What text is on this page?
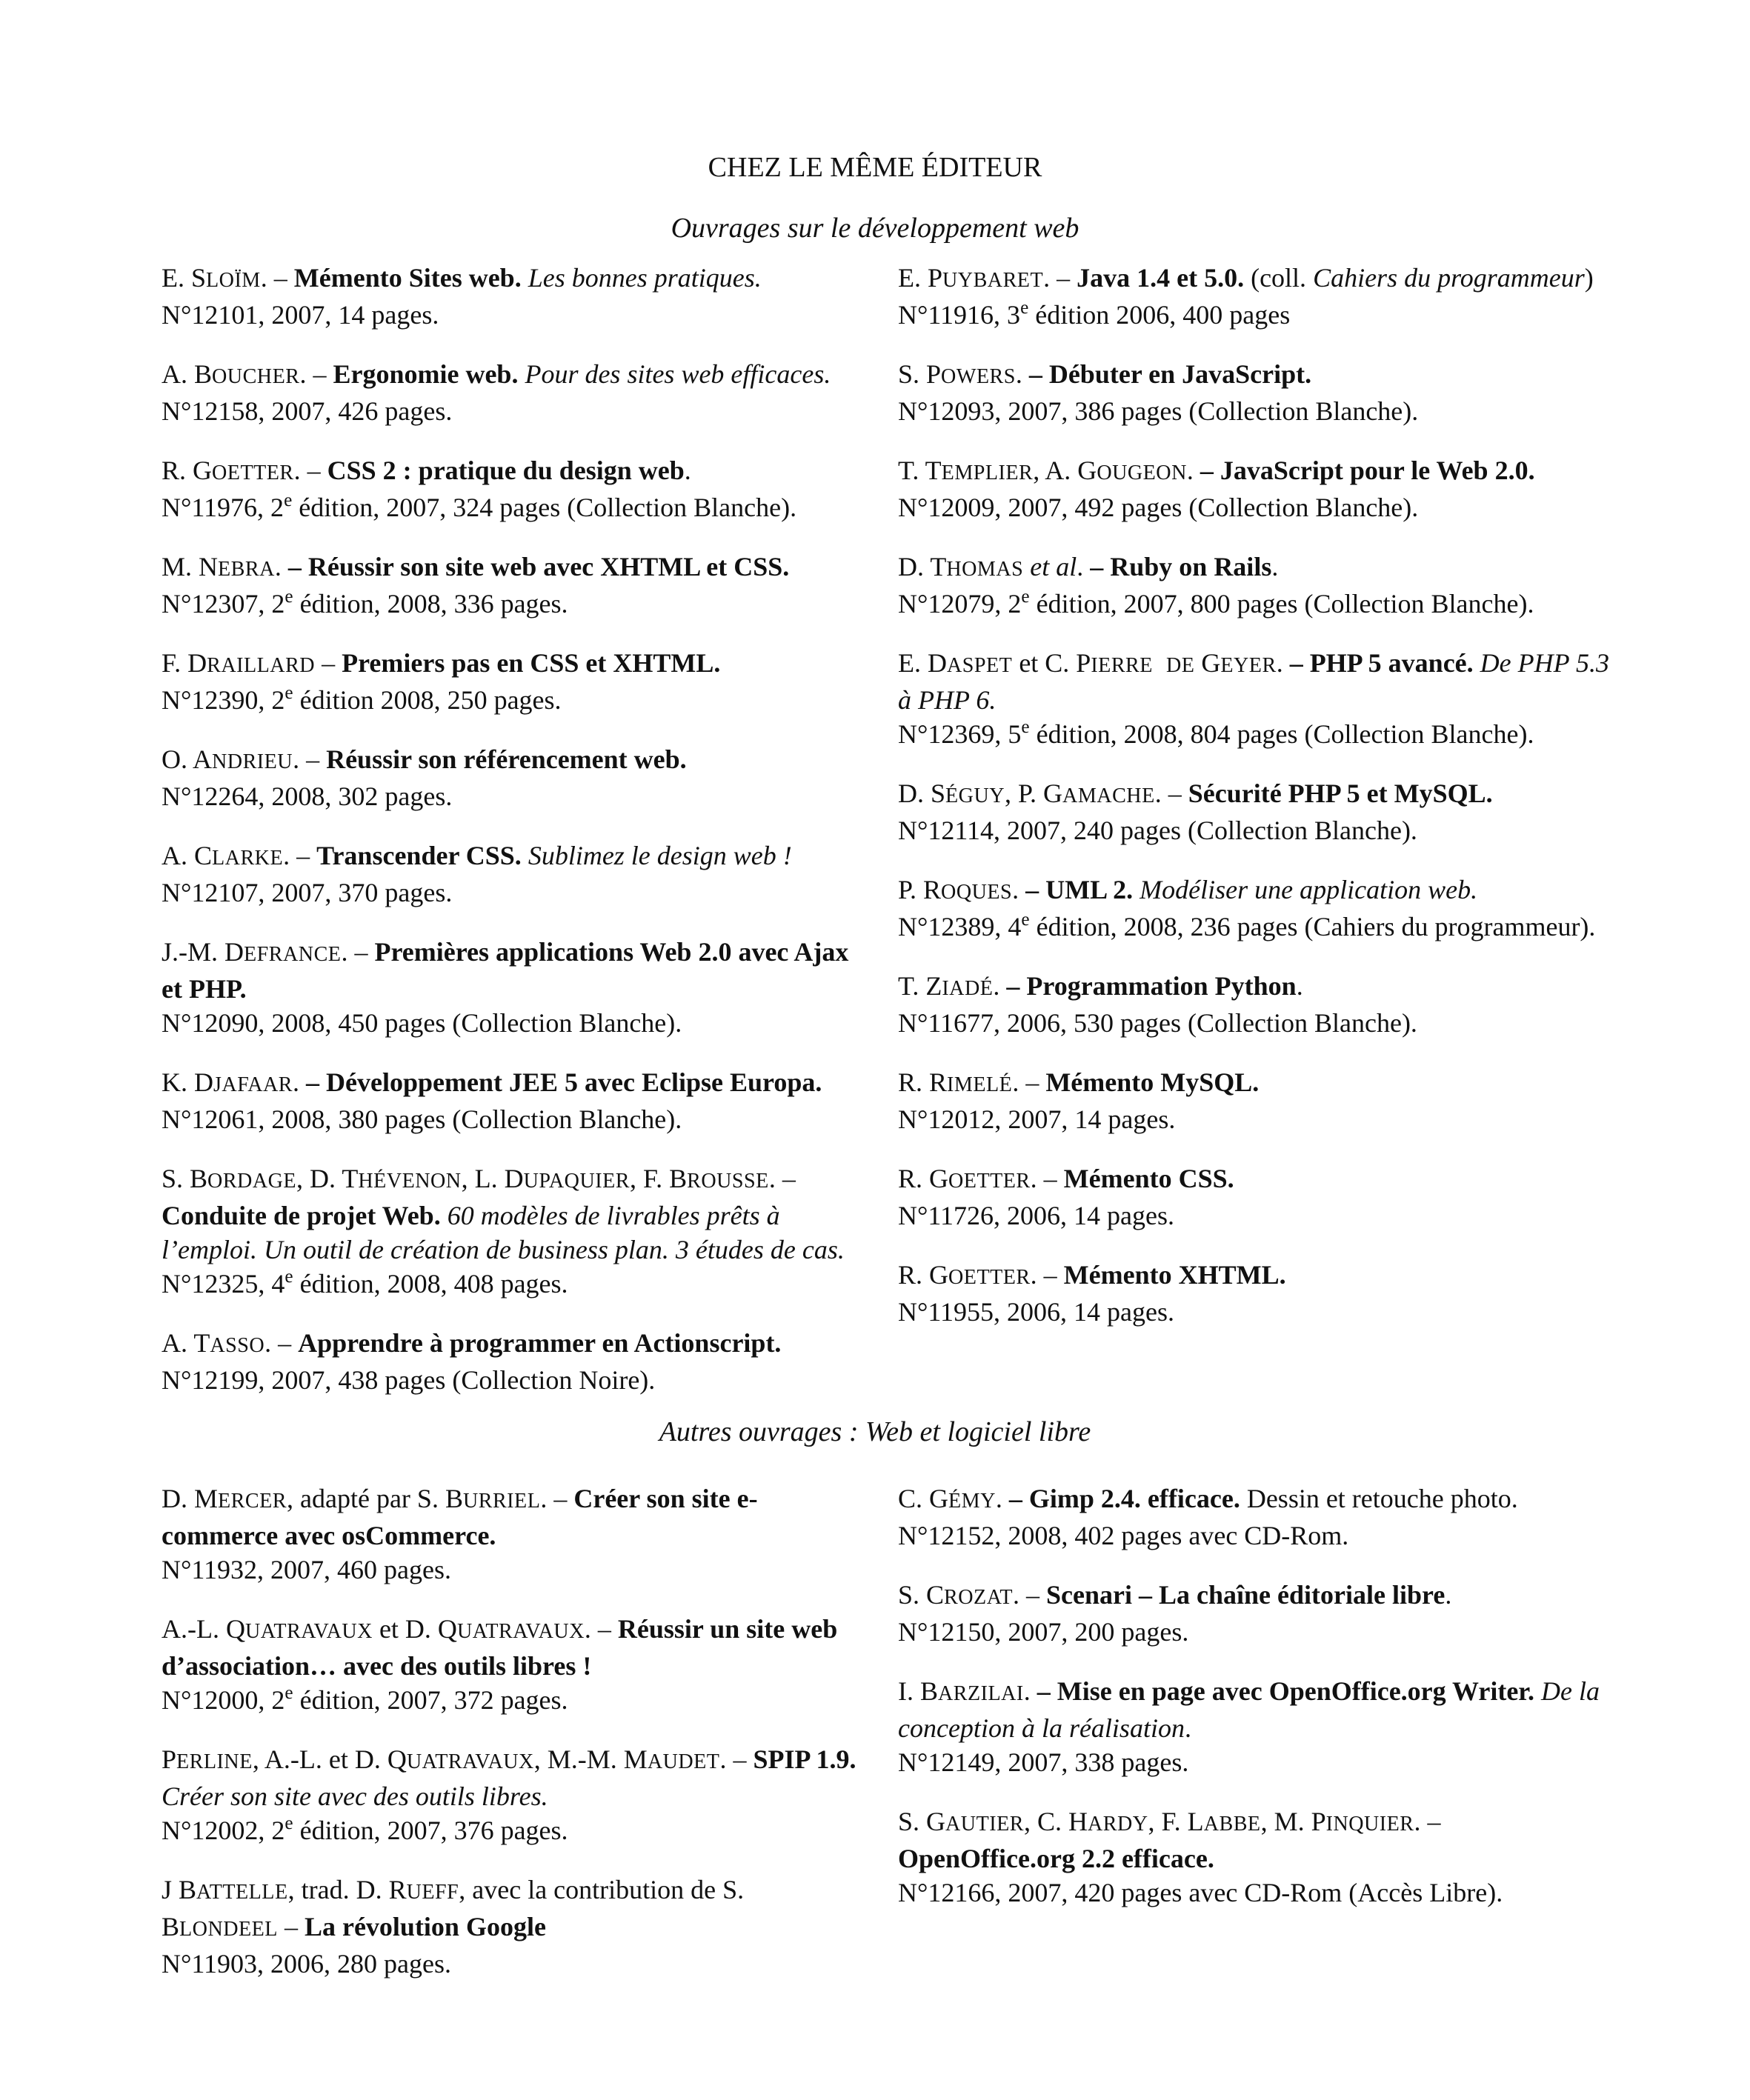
CHEZ LE MÊME ÉDITEUR
Ouvrages sur le développement web
E. SLOÏM. – Mémento Sites web. Les bonnes pratiques.
N°12101, 2007, 14 pages.
A. BOUCHER. – Ergonomie web. Pour des sites web efficaces.
N°12158, 2007, 426 pages.
R. GOETTER. – CSS 2 : pratique du design web.
N°11976, 2e édition, 2007, 324 pages (Collection Blanche).
M. NEBRA. – Réussir son site web avec XHTML et CSS.
N°12307, 2e édition, 2008, 336 pages.
F. DRAILLARD – Premiers pas en CSS et XHTML.
N°12390, 2e édition 2008, 250 pages.
O. ANDRIEU. – Réussir son référencement web.
N°12264, 2008, 302 pages.
A. CLARKE. – Transcender CSS. Sublimez le design web !
N°12107, 2007, 370 pages.
J.-M. DEFRANCE. – Premières applications Web 2.0 avec Ajax et PHP.
N°12090, 2008, 450 pages (Collection Blanche).
K. DJAFAAR. – Développement JEE 5 avec Eclipse Europa.
N°12061, 2008, 380 pages (Collection Blanche).
S. BORDAGE, D. THÉVENON, L. DUPAQUIER, F. BROUSSE. – Conduite de projet Web. 60 modèles de livrables prêts à l’emploi. Un outil de création de business plan. 3 études de cas.
N°12325, 4e édition, 2008, 408 pages.
A. TASSO. – Apprendre à programmer en Actionscript.
N°12199, 2007, 438 pages (Collection Noire).
E. PUYBARET. – Java 1.4 et 5.0. (coll. Cahiers du programmeur)
N°11916, 3e édition 2006, 400 pages
S. POWERS. – Débuter en JavaScript.
N°12093, 2007, 386 pages (Collection Blanche).
T. TEMPLIER, A. GOUGEON. – JavaScript pour le Web 2.0.
N°12009, 2007, 492 pages (Collection Blanche).
D. THOMAS et al. – Ruby on Rails.
N°12079, 2e édition, 2007, 800 pages (Collection Blanche).
E. DASPET et C. PIERRE DE GEYER. – PHP 5 avancé. De PHP 5.3 à PHP 6.
N°12369, 5e édition, 2008, 804 pages (Collection Blanche).
D. SÉGUY, P. GAMACHE. – Sécurité PHP 5 et MySQL.
N°12114, 2007, 240 pages (Collection Blanche).
P. ROQUES. – UML 2. Modéliser une application web.
N°12389, 4e édition, 2008, 236 pages (Cahiers du programmeur).
T. ZIADÉ. – Programmation Python.
N°11677, 2006, 530 pages (Collection Blanche).
R. RIMELÉ. – Mémento MySQL.
N°12012, 2007, 14 pages.
R. GOETTER. – Mémento CSS.
N°11726, 2006, 14 pages.
R. GOETTER. – Mémento XHTML.
N°11955, 2006, 14 pages.
Autres ouvrages : Web et logiciel libre
D. MERCER, adapté par S. BURRIEL. – Créer son site e-commerce avec osCommerce.
N°11932, 2007, 460 pages.
A.-L. QUATRAVAUX et D. QUATRAVAUX. – Réussir un site web d’association… avec des outils libres !
N°12000, 2e édition, 2007, 372 pages.
PERLINE, A.-L. et D. QUATRAVAUX, M.-M. MAUDET. – SPIP 1.9. Créer son site avec des outils libres.
N°12002, 2e édition, 2007, 376 pages.
J BATTELLE, trad. D. RUEFF, avec la contribution de S. BLONDEEL – La révolution Google
N°11903, 2006, 280 pages.
C. GÉMY. – Gimp 2.4. efficace. Dessin et retouche photo.
N°12152, 2008, 402 pages avec CD-Rom.
S. CROZAT. – Scenari – La chaîne éditoriale libre.
N°12150, 2007, 200 pages.
I. BARZILAI. – Mise en page avec OpenOffice.org Writer. De la conception à la réalisation.
N°12149, 2007, 338 pages.
S. GAUTIER, C. HARDY, F. LABBE, M. PINQUIER. – OpenOffice.org 2.2 efficace.
N°12166, 2007, 420 pages avec CD-Rom (Accès Libre).
